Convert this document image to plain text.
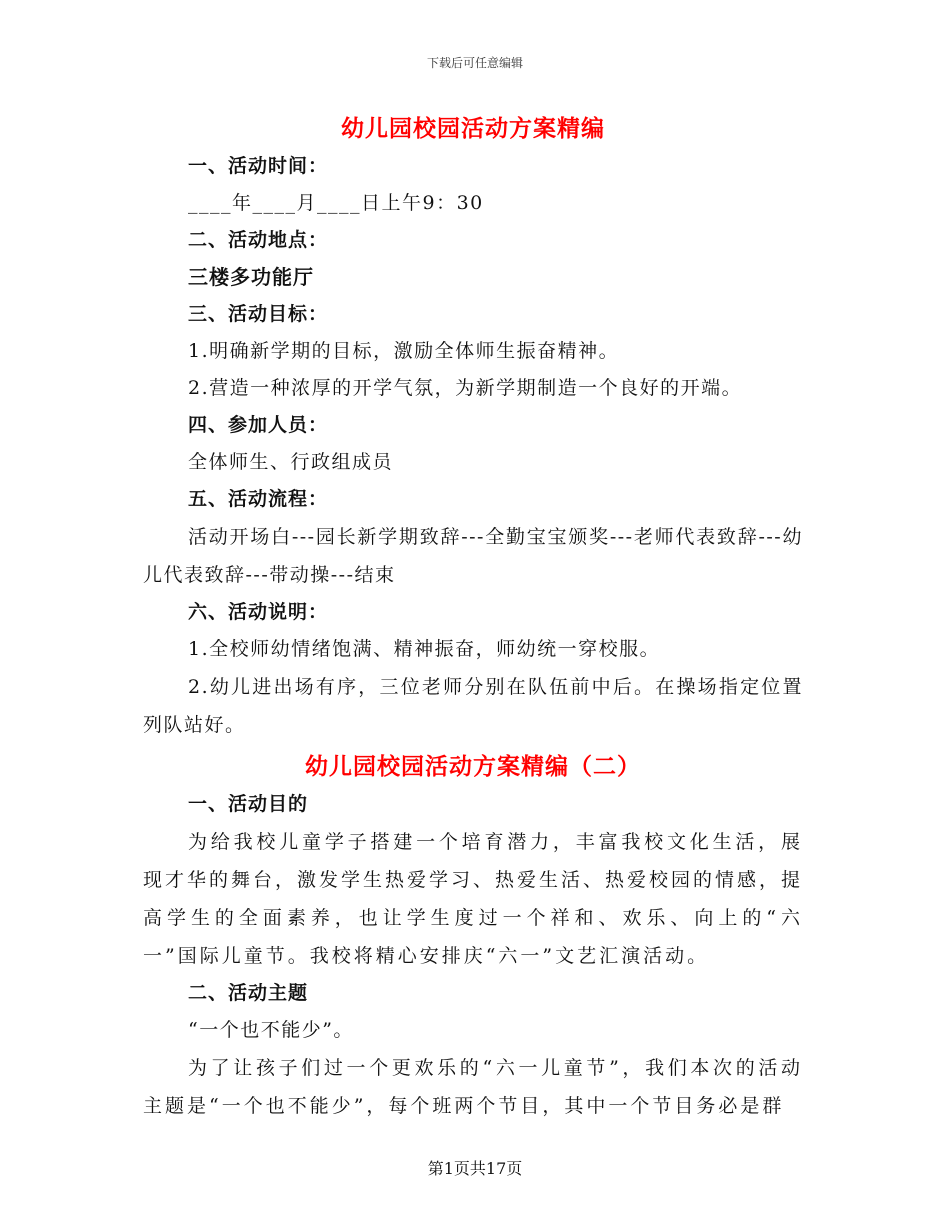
下载后可任意编辑
幼儿园校园活动方案精编

一、活动时间：

____年____月____日上午9：30

二、活动地点：

三楼多功能厅

三、活动目标：

1.明确新学期的目标，激励全体师生振奋精神。

2.营造一种浓厚的开学气氛，为新学期制造一个良好的开端。

四、参加人员：

全体师生、行政组成员

五、活动流程：

活动开场白---园长新学期致辞---全勤宝宝颁奖---老师代表致辞---幼儿代表致辞---带动操---结束

六、活动说明：

1.全校师幼情绪饱满、精神振奋，师幼统一穿校服。

2.幼儿进出场有序，三位老师分别在队伍前中后。在操场指定位置列队站好。

幼儿园校园活动方案精编（二）

一、活动目的

为给我校儿童学子搭建一个培育潜力，丰富我校文化生活，展现才华的舞台，激发学生热爱学习、热爱生活、热爱校园的情感，提高学生的全面素养，也让学生度过一个祥和、欢乐、向上的“六一”国际儿童节。我校将精心安排庆“六一”文艺汇演活动。

二、活动主题

“一个也不能少”。

为了让孩子们过一个更欢乐的“六一儿童节”，我们本次的活动主题是“一个也不能少”，每个班两个节目，其中一个节目务必是群

第1页共17页
